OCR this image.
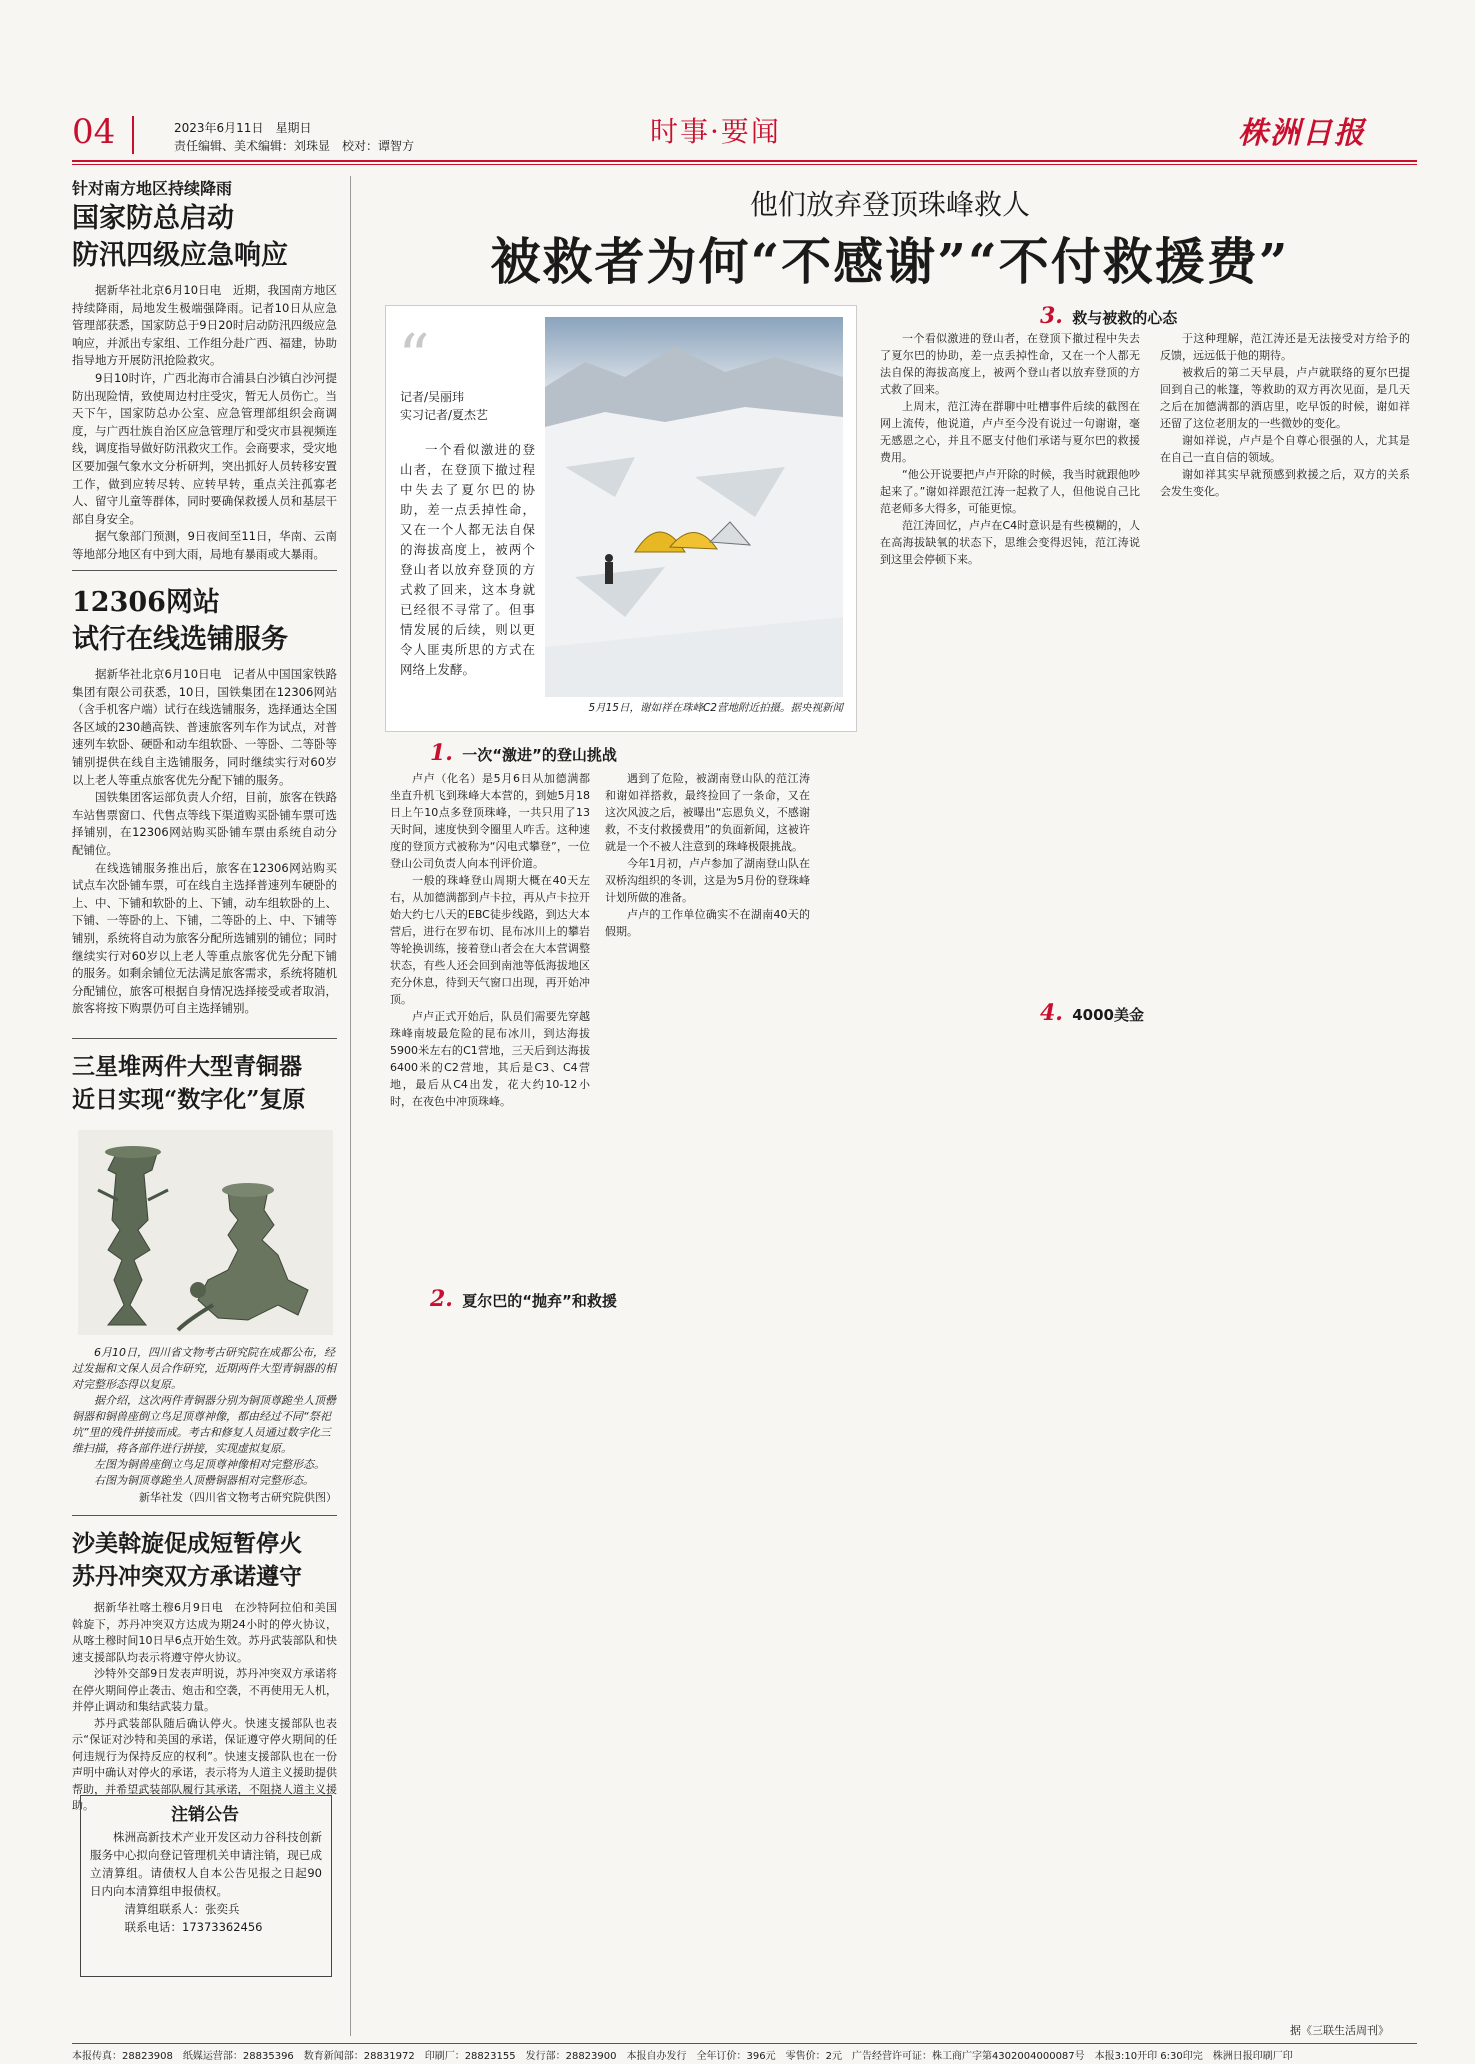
04	2023年6月11日　星期日
责任编辑、美术编辑：刘珠显　校对：谭智方	时事·要闻	株洲日报
针对南方地区持续降雨
国家防总启动
防汛四级应急响应

据新华社北京6月10日电　近期，我国南方地区持续降雨，局地发生极端强降雨。记者10日从应急管理部获悉，国家防总于9日20时启动防汛四级应急响应，并派出专家组、工作组分赴广西、福建，协助指导地方开展防汛抢险救灾。

9日10时许，广西北海市合浦县白沙镇白沙河提防出现险情，致使周边村庄受灾，暂无人员伤亡。当天下午，国家防总办公室、应急管理部组织会商调度，与广西壮族自治区应急管理厅和受灾市县视频连线，调度指导做好防汛救灾工作。会商要求，受灾地区要加强气象水文分析研判，突出抓好人员转移安置工作，做到应转尽转、应转早转，重点关注孤寡老人、留守儿童等群体，同时要确保救援人员和基层干部自身安全。

据气象部门预测，9日夜间至11日，华南、云南等地部分地区有中到大雨，局地有暴雨或大暴雨。

12306网站
试行在线选铺服务

据新华社北京6月10日电　记者从中国国家铁路集团有限公司获悉，10日，国铁集团在12306网站（含手机客户端）试行在线选铺服务，选择通达全国各区域的230趟高铁、普速旅客列车作为试点，对普速列车软卧、硬卧和动车组软卧、一等卧、二等卧等铺别提供在线自主选铺服务，同时继续实行对60岁以上老人等重点旅客优先分配下铺的服务。

国铁集团客运部负责人介绍，目前，旅客在铁路车站售票窗口、代售点等线下渠道购买卧铺车票可选择铺别，在12306网站购买卧铺车票由系统自动分配铺位。

在线选铺服务推出后，旅客在12306网站购买试点车次卧铺车票，可在线自主选择普速列车硬卧的上、中、下铺和软卧的上、下铺，动车组软卧的上、下铺、一等卧的上、下铺，二等卧的上、中、下铺等铺别，系统将自动为旅客分配所选铺别的铺位；同时继续实行对60岁以上老人等重点旅客优先分配下铺的服务。如剩余铺位无法满足旅客需求，系统将随机分配铺位，旅客可根据自身情况选择接受或者取消，旅客将按下购票仍可自主选择铺别。

三星堆两件大型青铜器
近日实现“数字化”复原

6月10日，四川省文物考古研究院在成都公布，经过发掘和文保人员合作研究，近期两件大型青铜器的相对完整形态得以复原。

据介绍，这次两件青铜器分别为铜顶尊跪坐人顶罍铜器和铜兽座倒立鸟足顶尊神像，都由经过不同“祭祀坑”里的残件拼接而成。考古和修复人员通过数字化三维扫描，将各部件进行拼接，实现虚拟复原。

左图为铜兽座倒立鸟足顶尊神像相对完整形态。

右图为铜顶尊跪坐人顶罍铜器相对完整形态。

新华社发（四川省文物考古研究院供图）
沙美斡旋促成短暂停火
苏丹冲突双方承诺遵守

据新华社喀土穆6月9日电　在沙特阿拉伯和美国斡旋下，苏丹冲突双方达成为期24小时的停火协议，从喀土穆时间10日早6点开始生效。苏丹武装部队和快速支援部队均表示将遵守停火协议。

沙特外交部9日发表声明说，苏丹冲突双方承诺将在停火期间停止袭击、炮击和空袭，不再使用无人机，并停止调动和集结武装力量。

苏丹武装部队随后确认停火。快速支援部队也表示“保证对沙特和美国的承诺，保证遵守停火期间的任何违规行为保持反应的权利”。快速支援部队也在一份声明中确认对停火的承诺，表示将为人道主义援助提供帮助，并希望武装部队履行其承诺，不阻挠人道主义援助。	注销公告

株洲高新技术产业开发区动力谷科技创新服务中心拟向登记管理机关申请注销，现已成立清算组。请债权人自本公告见报之日起90日内向本清算组申报债权。

清算组联系人：张奕兵
联系电话：17373362456
他们放弃登顶珠峰救人
被救者为何“不感谢”“不付救援费”
“
记者/吴丽玮
实习记者/夏杰艺

一个看似激进的登山者，在登顶下撤过程中失去了夏尔巴的协助，差一点丢掉性命，又在一个人都无法自保的海拔高度上，被两个登山者以放弃登顶的方式救了回来，这本身就已经很不寻常了。但事情发展的后续，则以更令人匪夷所思的方式在网络上发酵。

5月15日，谢如祥在珠峰C2营地附近拍摄。据央视新闻
1. 一次“激进”的登山挑战
2. 夏尔巴的“抛弃”和救援
3. 救与被救的心态
4. 4000美金

卢卢（化名）是5月6日从加德满都坐直升机飞到珠峰大本营的，到她5月18日上午10点多登顶珠峰，一共只用了13天时间，速度快到令圈里人咋舌。这种速度的登顶方式被称为“闪电式攀登”，一位登山公司负责人向本刊评价道。

一般的珠峰登山周期大概在40天左右，从加德满都到卢卡拉，再从卢卡拉开始大约七八天的EBC徒步线路，到达大本营后，进行在罗布切、昆布冰川上的攀岩等轮换训练，接着登山者会在大本营调整状态，有些人还会回到南池等低海拔地区充分休息，待到天气窗口出现，再开始冲顶。

卢卢正式开始后，队员们需要先穿越珠峰南坡最危险的昆布冰川，到达海拔5900米左右的C1营地，三天后到达海拔6400米的C2营地，其后是C3、C4营地，最后从C4出发，花大约10-12小时，在夜色中冲顶珠峰。

遇到了危险，被湖南登山队的范江涛和谢如祥搭救，最终捡回了一条命，又在这次风波之后，被曝出“忘恩负义，不感谢救，不支付救援费用”的负面新闻，这被许就是一个不被人注意到的珠峰极限挑战。

今年1月初，卢卢参加了湖南登山队在双桥沟组织的冬训，这是为5月份的登珠峰计划所做的准备。

卢卢的工作单位确实不在湖南40天的假期。

一个看似激进的登山者，在登顶下撤过程中失去了夏尔巴的协助，差一点丢掉性命，又在一个人都无法自保的海拔高度上，被两个登山者以放弃登顶的方式救了回来。

上周末，范江涛在群聊中吐槽事件后续的截图在网上流传，他说道，卢卢至今没有说过一句谢谢，毫无感恩之心，并且不愿支付他们承诺与夏尔巴的救援费用。

“他公开说要把卢卢开除的时候，我当时就跟他吵起来了。”谢如祥跟范江涛一起救了人，但他说自己比范老师多大得多，可能更惊。

范江涛回忆，卢卢在C4时意识是有些模糊的，人在高海拔缺氧的状态下，思维会变得迟钝，范江涛说到这里会停顿下来。

于这种理解，范江涛还是无法接受对方给予的反馈，远远低于他的期待。

被救后的第二天早晨，卢卢就联络的夏尔巴提回到自己的帐篷，等救助的双方再次见面，是几天之后在加德满都的酒店里，吃早饭的时候，谢如祥还留了这位老朋友的一些微妙的变化。

谢如祥说，卢卢是个自尊心很强的人，尤其是在自己一直自信的领域。

谢如祥其实早就预感到救援之后，双方的关系会发生变化。

据《三联生活周刊》
本报传真：28823908　纸媒运营部：28835396　数育新闻部：28831972　印刷厂：28823155　发行部：28823900　本报自办发行　全年订价：396元　零售价：2元　广告经营许可证：株工商广字第4302004000087号　本报3:10开印 6:30印完　株洲日报印刷厂印
